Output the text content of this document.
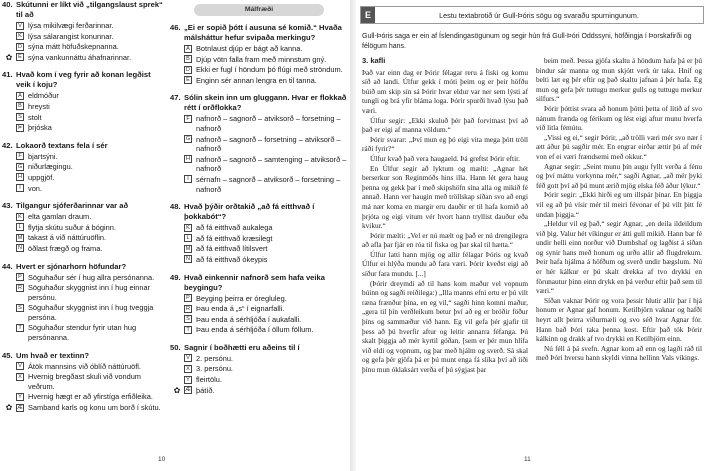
40. Skútunni er líkt við „tilgangslaust sprek“ til að
V lýsa mikilvægi ferðarinnar.
K lýsa sálarangist konunnar.
D sýna mátt höfuðskepnanna.
✿	E sýna vankunnáttu áhafnarinnar.
41. Hvað kom í veg fyrir að konan legðist veik í koju?
A eldmóður
B hreysti
S stolt
Þ þrjóska
42. Lokaorð textans fela í sér
F bjartsýni.
G niðurlægingu.
H uppgjöf.
I von.
43. Tilgangur sjóferðarinnar var að
K elta gamlan draum.
L flytja skútu suður á bóginn.
M takast á við náttúruöflin.
N öðlast frægð og frama.
44. Hvert er sjónarhorn höfundar?
P Söguhaður sér í hug allra persónanna.
R Söguhaður skyggnist inn í hug einnar persónu.
S Söguhaður skyggnist inn í hug tveggja persóna.
T Söguhaður stendur fyrir utan hug persónanna.
45. Um hvað er textinn?
V Átök mannsins við óblíð náttúruöfl.
X Hvernig bregðast skuli við vondum veðrum.
Y Hvernig hægt er að yfirstíga erfiðleika.
✿ Æ Samband karls og konu um borð í skútu.
Málfræði
46. „Ei er sopið þótt í ausuna sé komið.“ Hvaða málsháttur hefur svipaða merkingu?
A Botnlaust djúp er bágt að kanna.
B Djúp vötn falla fram með minnstum gný.
D Ekki er fugl í höndum þó flúgi með ströndum.
E Enginn sér annan lengra en til tanna.
47. Sólin skein inn um gluggann. Hvar er flokkað rétt í orðflokka?
F nafnorð – sagnorð – atviksorð – forsetning – nafnorð
G nafnorð – sagnorð – forsetning – atviksorð – nafnorð
H nafnorð – sagnorð – samtenging – atviksorð – nafnorð
I sérnafn – sagnorð – atviksorð – forsetning – nafnorð
48. Hvað þýðir orðtakið „að fá eitthvað í þokkabót“?
K að fá eitthvað aukalega
L að fá eitthvað kræsilegt
M að fá eitthvað lítilsvert
N að fá eitthvað ókeypis
49. Hvað einkennir nafnorð sem hafa veika beygingu?
P Beyging þeirra er óregluleg.
R Þau enda á „s“ í eignarfalli.
S Þau enda á sérhljóða í aukafalli.
T Þau enda á sérhljóða í öllum föllum.
50. Sagnir í boðhætti eru aðeins til í
V 2. persónu.
X 3. persónu.
Y fleirtölu.
✿ Æ þátíð.
10
E	Lestu textabrotið úr Gull-Þóris sögu og svaraðu spurningunum.
Gull-Þóris saga er ein af Íslendingasögunum og segir hún frá Gull-Þóri Oddssyni, höfðingja í Þorskafirði og félögum hans.
3. kafli

Það var einn dag er Þórir félagar reru á fiski og komu síð að landi. Úlfur gekk í móti þeim og er þeir höfðu búið um skip sín sá Þórir hvar eldur var ner sem lýsti af tungli og brá yfir bláma loga. Þórir spurði hvað lýsu það væri.

Úlfur segir: „Ekki skuluð þér það forvitnast því að það er eigi af manna völdum.“

Þórir svarar: „Því mun eg þó eigi vita mega þótt tröll ráði fyrir?“

Úlfur kvað það vera haugaeld. Þá greftst Þórir eftir.

En Úlfur segir að lyktum og mælti: „Agnar hét berserkur son Reginmóðs hins illa. Hann lét gera haug þenna og gekk þar í með skipshöfn sína alla og mikið fé annað. Hann ver haugin með tröllskap síðan svo að engi má nær koma en margir eru dauðir er til hafa komið að þrjóta og eigi vitum vér hvort hann tryllist dauður eða kvikur.“

Þórir mælti: „Vel er nú mælt og það er nú drengilegra að afla þar fjár en róa til fiska og þar skal til hætta.“

Úlfur latti hann mjög og allir félagar Þóris og kvað Úlfur ei hlýða mundu að fara væri. Þórir kveðst eigi að síður fara mundu. [...]

(Þórir dreymdi að til hans kom maður vel vopnum búinn og sagði reiðilega:) „Illa manns efni ertu er þú vilt ræna frænður þína, en eg vil,“ sagði hinn komni maður, „gera til þín verðleikum betur því að eg er bróðir föður þíns og sammæður við hann. Eg vil gefa þér gjafir til þess að þú hverfir aftur og leitir annarra féfanga. Þú skalt þiggja að mér kyrtil góðan, [sem er þér mun hlífa við eldi og vopnum, og þar með hjálm og sverð. Sá skal og gefa þér gjöfa þá er þú munt enga fá slíka því að íiði þínu mun óklaksárt verða ef þú sýgjast þar

beim með. Þessa gjöfa skaltu á höndum hafa þá er þú bindur sár manna og mun skjótt verk úr taka. Hníf og belti læt eg þér eftir og það skaltu jafnan á þér hafa. Eg mun og gefa þér tuttugu merkur gulls og tuttugu merkur silfurs.“

Þórir þóttist svara að honum þótti þetta of lítið af svo nánum frænda og férikum og lést eigi aftur munu hverfa við litla fémútu.

„Vissi eg ei,“ segir Þórir, „að trölli væri mér svo nær í ætt áður þú sagðir mér. En engrar eirðar ættir þú af mér von ef ei væri frændsemi með okkur.“

Agnar segir: „Seint munu þín augu fyllt verða á fénu og því máttu vorkynna mér,“ sagði Agnar, „að mér þyki féð gott því að þú munt ærið mjög elska féð áður lýkur.“

Þórir segir: „Ekki hirði eg um illspár þínar. En þiggja vil eg að þú vísir mér til meiri févonar ef þú vilt þitt fé undan þiggja.“

„Heldur vil eg það,“ segir Agnar, „en deila ildeildum við þig. Valur hét víkingur er átti gull mikið. Hann bar fé undir helli einn norður við Dumbshaf og lagðist á síðan og synir hans með honum og urðu allir að flugdrekum. Þeir hafa hjálma á höfðum og sverð undir bægslum. Nú er hér kálkur er þú skalt drekka af tvo drykki en förunautur þinn einn drykk en þá verður eftir það sem til væri.“

Síðan vaknar Þórir og vora þessir hlutir allir þar í hjá honum er Agnar gaf honum. Ketilbjörn vaknar og hafði heyrt allt þeirra viðurmæli og svo séð hvar Agnar fór. Hann bað Þóri taka þenna kost. Eftir það tók Þórir kálkinn og drakk af tvo drykki en Ketilbjörn einn.

Nú féll á þá svefn. Agnar kom að enn og lagði ráð til með Þóri hversu hann skyldi vinna hellinn Vals víkings.

11
